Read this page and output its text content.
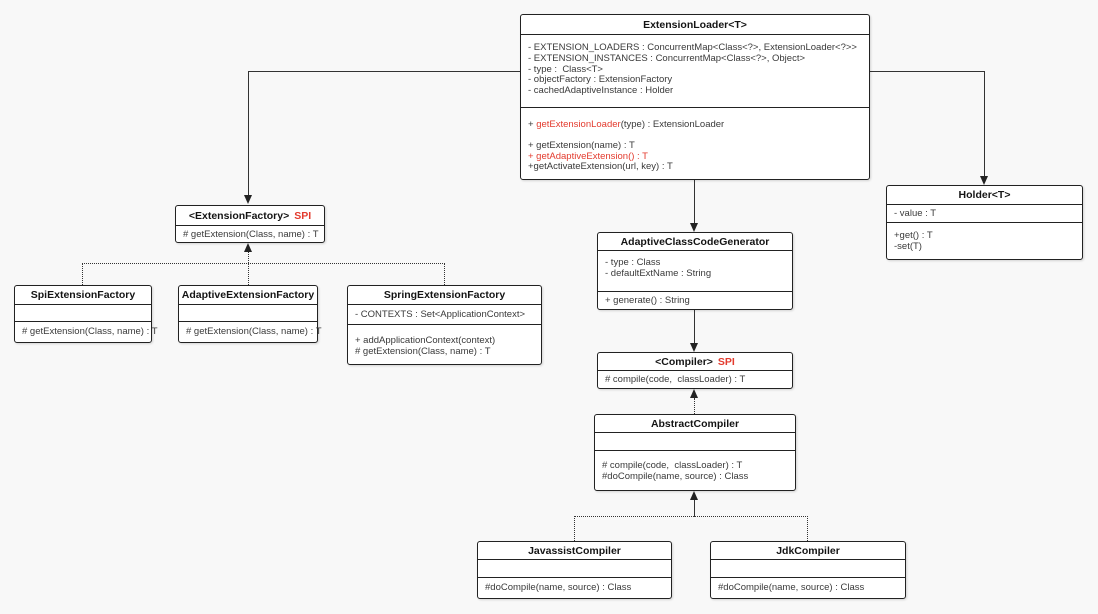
ExtensionLoader<T>
- EXTENSION_LOADERS : ConcurrentMap<Class<?>, ExtensionLoader<?>>
- EXTENSION_INSTANCES : ConcurrentMap<Class<?>, Object>
- type :  Class<T>
- objectFactory : ExtensionFactory
- cachedAdaptiveInstance : Holder
+ getExtensionLoader(type) : ExtensionLoader
+ getExtension(name) : T
+ getAdaptiveExtension() : T
+getActivateExtension(url, key) : T
Holder<T>
- value : T
+get() : T
-set(T)
<ExtensionFactory> SPI
# getExtension(Class, name) : T
SpiExtensionFactory
# getExtension(Class, name) : T
AdaptiveExtensionFactory
# getExtension(Class, name) : T
SpringExtensionFactory
- CONTEXTS : Set<ApplicationContext>
+ addApplicationContext(context)
# getExtension(Class, name) : T
AdaptiveClassCodeGenerator
- type : Class
- defaultExtName : String
+ generate() : String
<Compiler> SPI
# compile(code,  classLoader) : T
AbstractCompiler
# compile(code,  classLoader) : T
#doCompile(name, source) : Class
JavassistCompiler
#doCompile(name, source) : Class
JdkCompiler
#doCompile(name, source) : Class
